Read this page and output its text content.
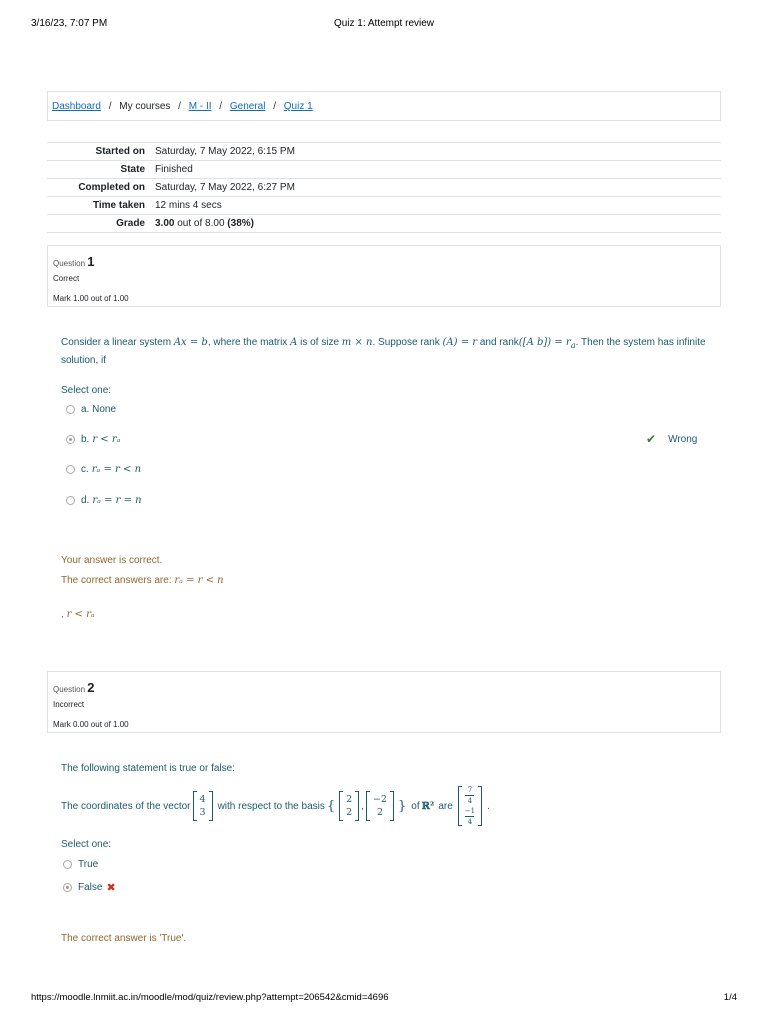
3/16/23, 7:07 PM	Quiz 1: Attempt review
Dashboard / My courses / M - II / General / Quiz 1
Started on	Saturday, 7 May 2022, 6:15 PM
State	Finished
Completed on	Saturday, 7 May 2022, 6:27 PM
Time taken	12 mins 4 secs
Grade	3.00 out of 8.00 (38%)
Question 1
Correct
Mark 1.00 out of 1.00
Consider a linear system Ax = b, where the matrix A is of size m × n. Suppose rank (A) = r and rank([A $b]) = r_a$. Then the system has infinite solution, if
Select one:
a.
None
b. r < rₐ
c. rₐ = r < n
d. rₐ = r = n
✔ Wrong
Your answer is correct.
The correct answers are: rₐ = r < n
, r < rₐ
Question 2
Incorrect
Mark 0.00 out of 1.00
The following statement is true or false:
The coordinates of the vector
4
3
with respect to the basis { 2
2
,
−2
2 } of ℝ² are
$\frac{7}{4}$
$\frac{-1}{4}$
.
Select one:
True
False ✖
The correct answer is 'True'.
https://moodle.lnmiit.ac.in/moodle/mod/quiz/review.php?attempt=206542&cmid=4696	1/4
